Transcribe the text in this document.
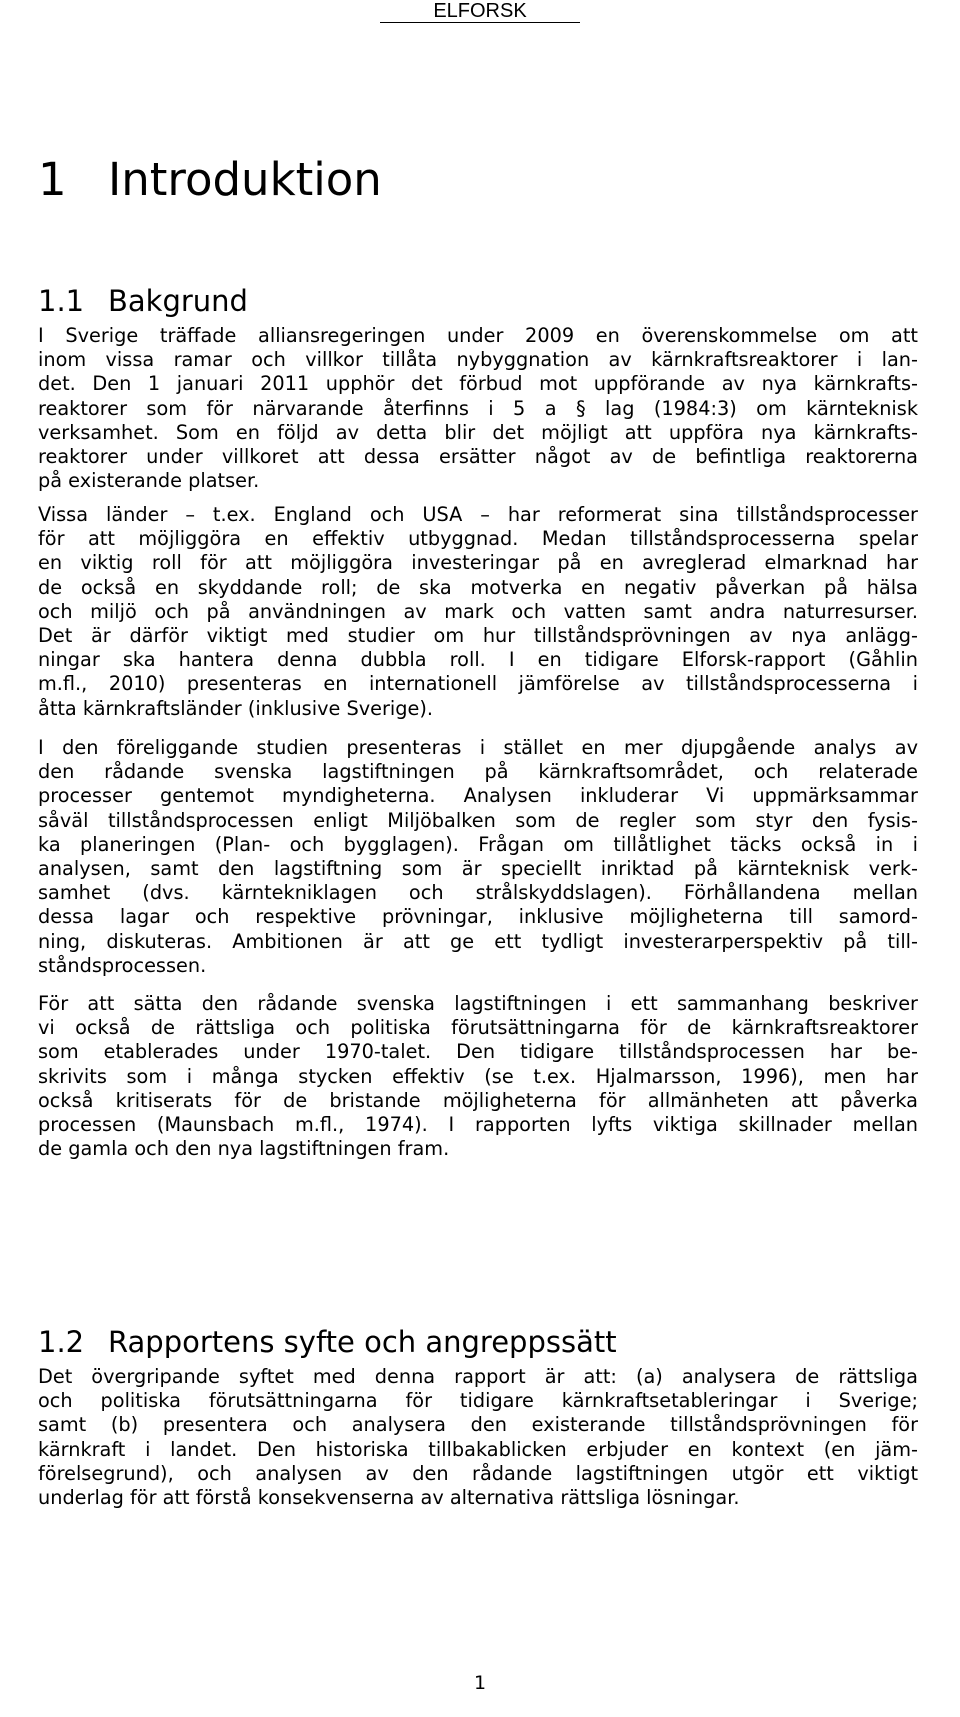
ELFORSK
1 Introduktion
1.1 Bakgrund
I Sverige träffade alliansregeringen under 2009 en överenskommelse om att
inom vissa ramar och villkor tillåta nybyggnation av kärnkraftsreaktorer i lan-
det. Den 1 januari 2011 upphör det förbud mot uppförande av nya kärnkrafts-
reaktorer som för närvarande återfinns i 5 a § lag (1984:3) om kärnteknisk
verksamhet. Som en följd av detta blir det möjligt att uppföra nya kärnkrafts-
reaktorer under villkoret att dessa ersätter något av de befintliga reaktorerna
på existerande platser.
Vissa länder – t.ex. England och USA – har reformerat sina tillståndsprocesser
för att möjliggöra en effektiv utbyggnad. Medan tillståndsprocesserna spelar
en viktig roll för att möjliggöra investeringar på en avreglerad elmarknad har
de också en skyddande roll; de ska motverka en negativ påverkan på hälsa
och miljö och på användningen av mark och vatten samt andra naturresurser.
Det är därför viktigt med studier om hur tillståndsprövningen av nya anlägg-
ningar ska hantera denna dubbla roll. I en tidigare Elforsk-rapport (Gåhlin
m.fl., 2010) presenteras en internationell jämförelse av tillståndsprocesserna i
åtta kärnkraftsländer (inklusive Sverige).
I den föreliggande studien presenteras i stället en mer djupgående analys av
den rådande svenska lagstiftningen på kärnkraftsområdet, och relaterade
processer gentemot myndigheterna. Analysen inkluderar Vi uppmärksammar
såväl tillståndsprocessen enligt Miljöbalken som de regler som styr den fysis-
ka planeringen (Plan- och bygglagen). Frågan om tillåtlighet täcks också in i
analysen, samt den lagstiftning som är speciellt inriktad på kärnteknisk verk-
samhet (dvs. kärntekniklagen och strålskyddslagen). Förhållandena mellan
dessa lagar och respektive prövningar, inklusive möjligheterna till samord-
ning, diskuteras. Ambitionen är att ge ett tydligt investerarperspektiv på till-
ståndsprocessen.
För att sätta den rådande svenska lagstiftningen i ett sammanhang beskriver
vi också de rättsliga och politiska förutsättningarna för de kärnkraftsreaktorer
som etablerades under 1970-talet. Den tidigare tillståndsprocessen har be-
skrivits som i många stycken effektiv (se t.ex. Hjalmarsson, 1996), men har
också kritiserats för de bristande möjligheterna för allmänheten att påverka
processen (Maunsbach m.fl., 1974). I rapporten lyfts viktiga skillnader mellan
de gamla och den nya lagstiftningen fram.
1.2 Rapportens syfte och angreppssätt
Det övergripande syftet med denna rapport är att: (a) analysera de rättsliga
och politiska förutsättningarna för tidigare kärnkraftsetableringar i Sverige;
samt (b) presentera och analysera den existerande tillståndsprövningen för
kärnkraft i landet. Den historiska tillbakablicken erbjuder en kontext (en jäm-
förelsegrund), och analysen av den rådande lagstiftningen utgör ett viktigt
underlag för att förstå konsekvenserna av alternativa rättsliga lösningar.
1
